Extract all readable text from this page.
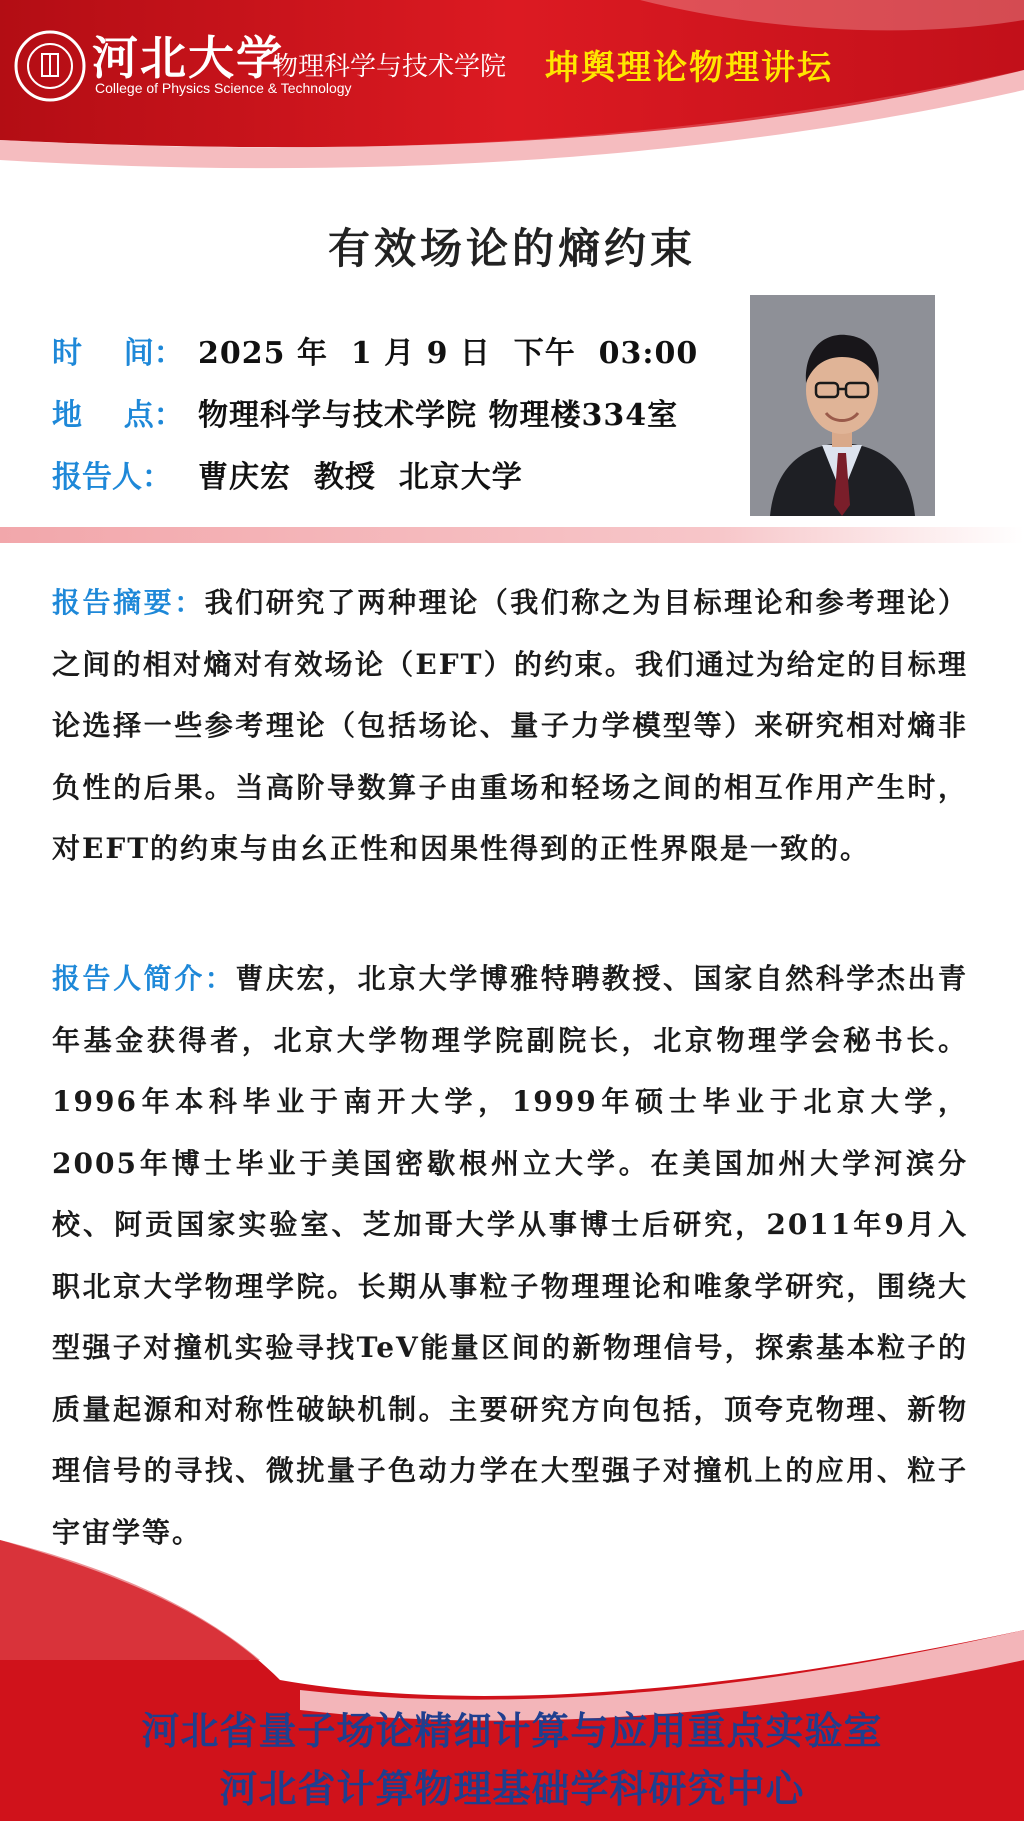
河北大学
物理科学与技术学院
College of Physics Science & Technology	坤舆理论物理讲坛
有效场论的熵约束
时    间： 2025 年  1 月 9 日  下午  03:00
地    点： 物理科学与技术学院 物理楼334室
报告人： 曹庆宏  教授  北京大学
报告摘要：我们研究了两种理论（我们称之为目标理论和参考理论）之间的相对熵对有效场论（EFT）的约束。我们通过为给定的目标理论选择一些参考理论（包括场论、量子力学模型等）来研究相对熵非负性的后果。当高阶导数算子由重场和轻场之间的相互作用产生时，对EFT的约束与由幺正性和因果性得到的正性界限是一致的。
报告人简介：曹庆宏，北京大学博雅特聘教授、国家自然科学杰出青年基金获得者，北京大学物理学院副院长，北京物理学会秘书长。1996年本科毕业于南开大学，1999年硕士毕业于北京大学，2005年博士毕业于美国密歇根州立大学。在美国加州大学河滨分校、阿贡国家实验室、芝加哥大学从事博士后研究，2011年9月入职北京大学物理学院。长期从事粒子物理理论和唯象学研究，围绕大型强子对撞机实验寻找TeV能量区间的新物理信号，探索基本粒子的质量起源和对称性破缺机制。主要研究方向包括，顶夸克物理、新物理信号的寻找、微扰量子色动力学在大型强子对撞机上的应用、粒子宇宙学等。
河北省量子场论精细计算与应用重点实验室
河北省计算物理基础学科研究中心
